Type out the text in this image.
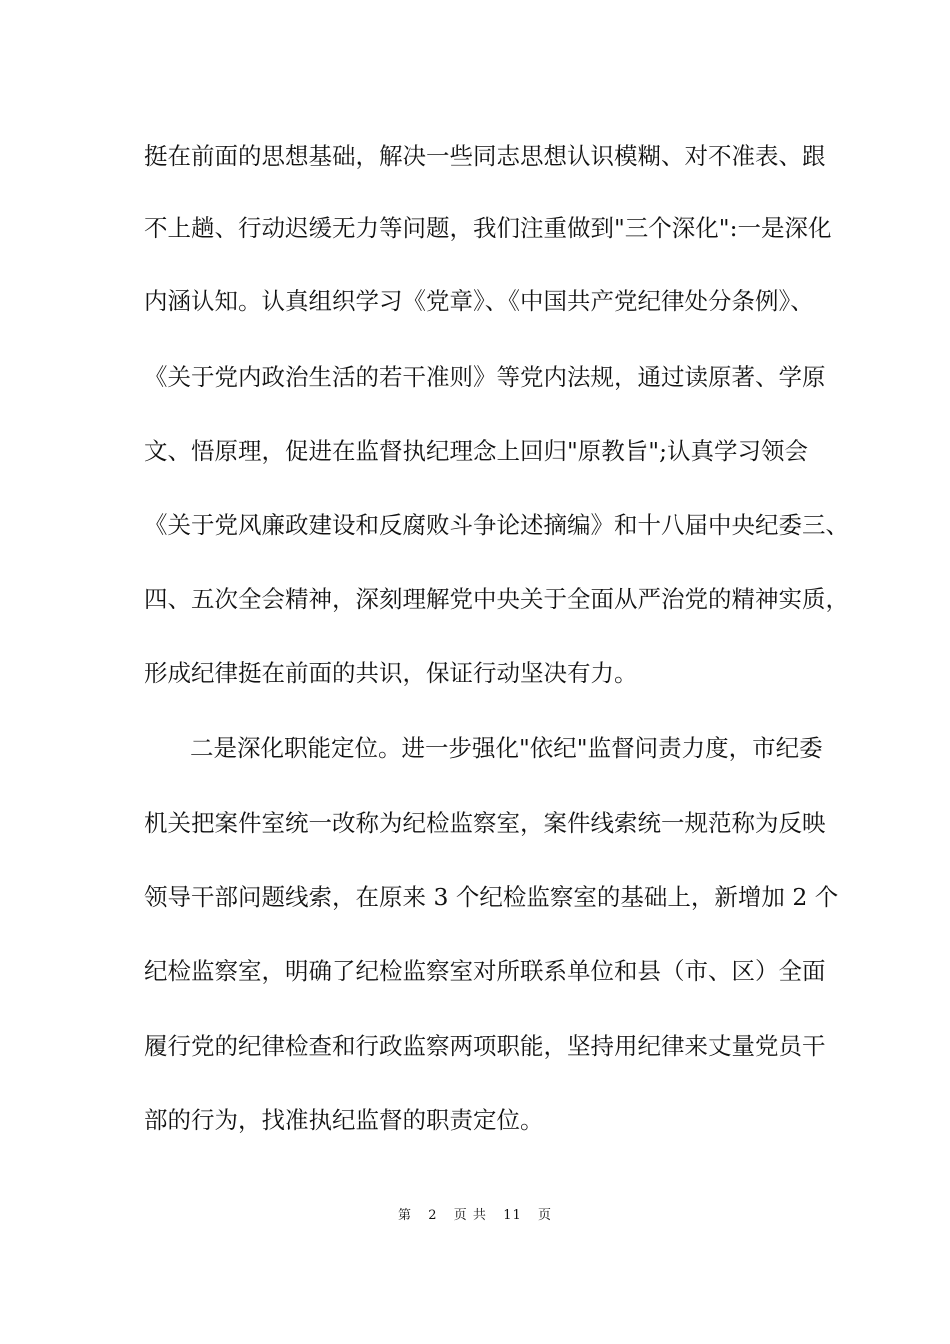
挺在前面的思想基础，解决一些同志思想认识模糊、对不准表、跟
不上趟、行动迟缓无力等问题，我们注重做到"三个深化":一是深化
内涵认知。认真组织学习《党章》、《中国共产党纪律处分条例》、
《关于党内政治生活的若干准则》等党内法规，通过读原著、学原
文、悟原理，促进在监督执纪理念上回归"原教旨";认真学习领会
《关于党风廉政建设和反腐败斗争论述摘编》和十八届中央纪委三、
四、五次全会精神，深刻理解党中央关于全面从严治党的精神实质，
形成纪律挺在前面的共识，保证行动坚决有力。
二是深化职能定位。进一步强化"依纪"监督问责力度，市纪委
机关把案件室统一改称为纪检监察室，案件线索统一规范称为反映
领导干部问题线索，在原来 3 个纪检监察室的基础上，新增加 2 个
纪检监察室，明确了纪检监察室对所联系单位和县（市、区）全面
履行党的纪律检查和行政监察两项职能，坚持用纪律来丈量党员干
部的行为，找准执纪监督的职责定位。
第 2 页 共 11 页
